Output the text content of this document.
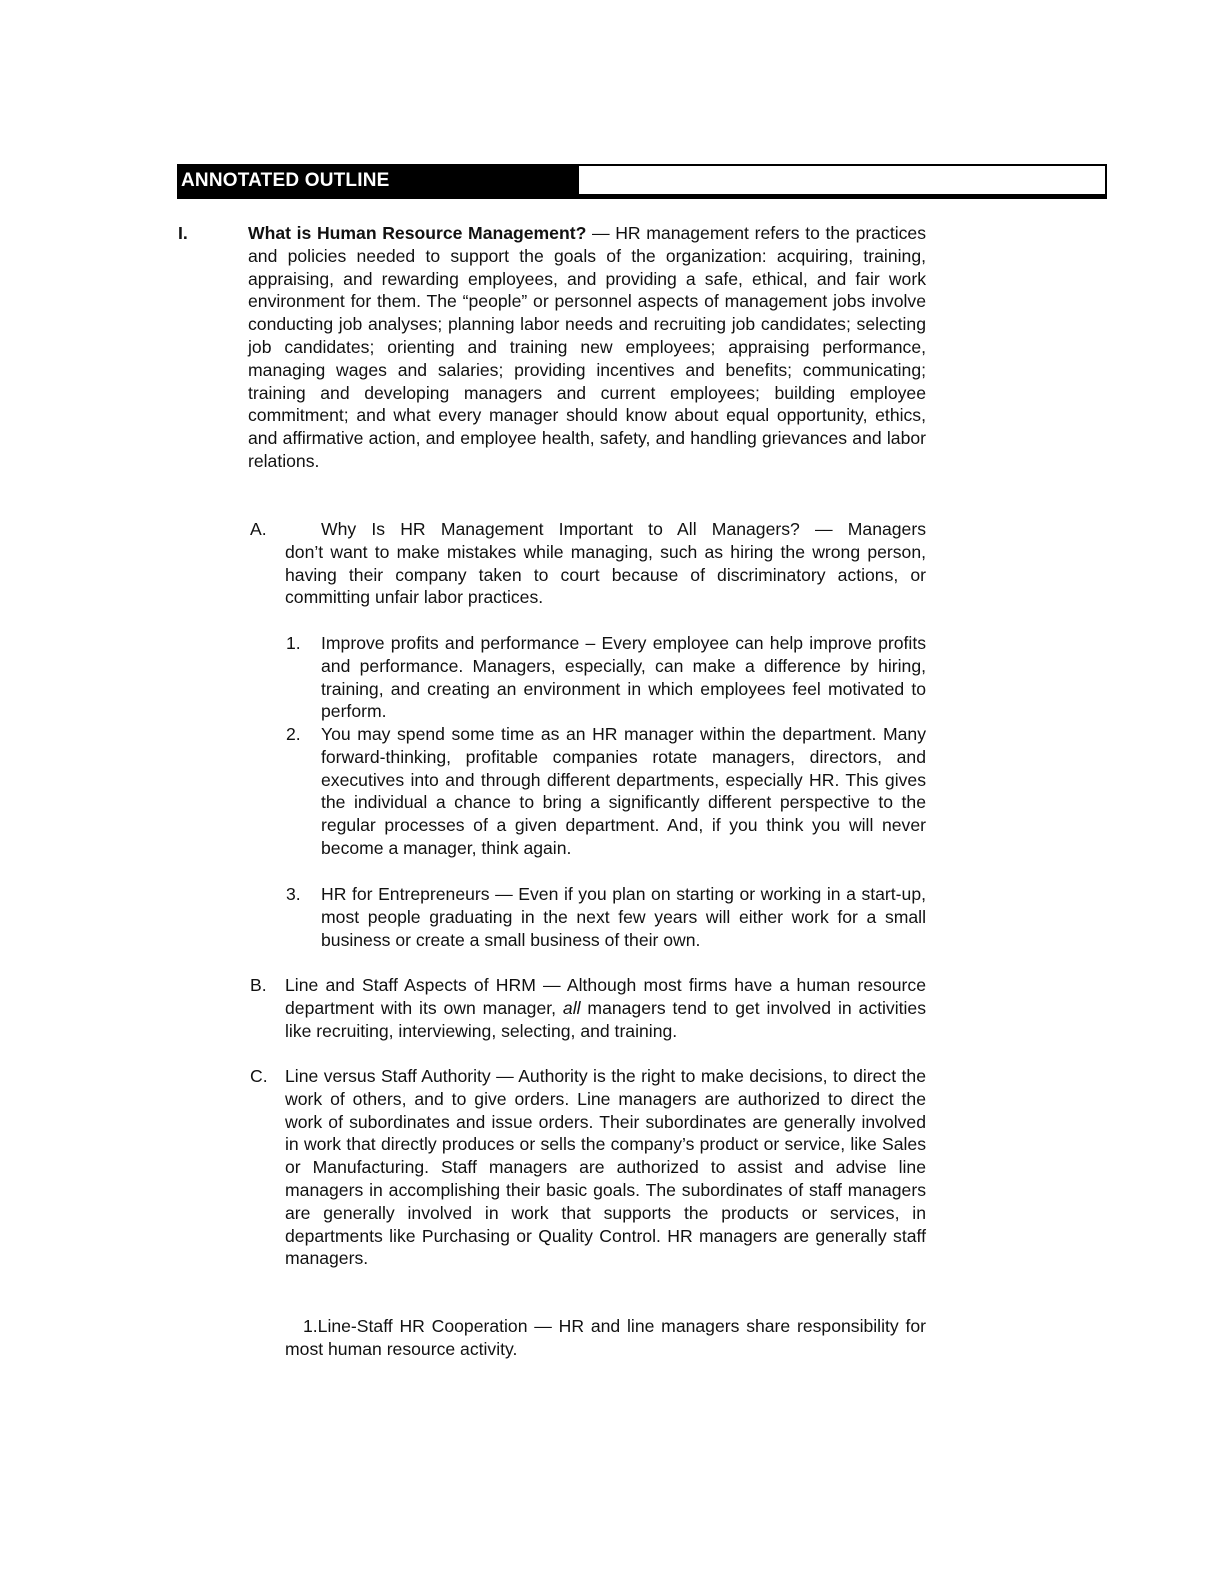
ANNOTATED OUTLINE
I.	What is Human Resource Management? — HR management refers to the practices and policies needed to support the goals of the organization: acquiring, training, appraising, and rewarding employees, and providing a safe, ethical, and fair work environment for them. The “people” or personnel aspects of management jobs involve conducting job analyses; planning labor needs and recruiting job candidates; selecting job candidates; orienting and training new employees; appraising performance, managing wages and salaries; providing incentives and benefits; communicating; training and developing managers and current employees; building employee commitment; and what every manager should know about equal opportunity, ethics, and affirmative action, and employee health, safety, and handling grievances and labor relations.

A.	Why Is HR Management Important to All Managers? — Managers
don’t want to make mistakes while managing, such as hiring the wrong person, having their company taken to court because of discriminatory actions, or committing unfair labor practices.

1. Improve profits and performance – Every employee can help improve profits and performance. Managers, especially, can make a difference by hiring, training, and creating an environment in which employees feel motivated to perform.

2. You may spend some time as an HR manager within the department. Many forward-thinking, profitable companies rotate managers, directors, and executives into and through different departments, especially HR. This gives the individual a chance to bring a significantly different perspective to the regular processes of a given department. And, if you think you will never become a manager, think again.

3. HR for Entrepreneurs — Even if you plan on starting or working in a start-up, most people graduating in the next few years will either work for a small business or create a small business of their own.

B. Line and Staff Aspects of HRM — Although most firms have a human resource department with its own manager, all managers tend to get involved in activities like recruiting, interviewing, selecting, and training.

C. Line versus Staff Authority — Authority is the right to make decisions, to direct the work of others, and to give orders. Line managers are authorized to direct the work of subordinates and issue orders. Their subordinates are generally involved in work that directly produces or sells the company’s product or service, like Sales or Manufacturing. Staff managers are authorized to assist and advise line managers in accomplishing their basic goals. The subordinates of staff managers are generally involved in work that supports the products or services, in departments like Purchasing or Quality Control. HR managers are generally staff managers.

1.Line-Staff HR Cooperation — HR and line managers share responsibility for most human resource activity.
